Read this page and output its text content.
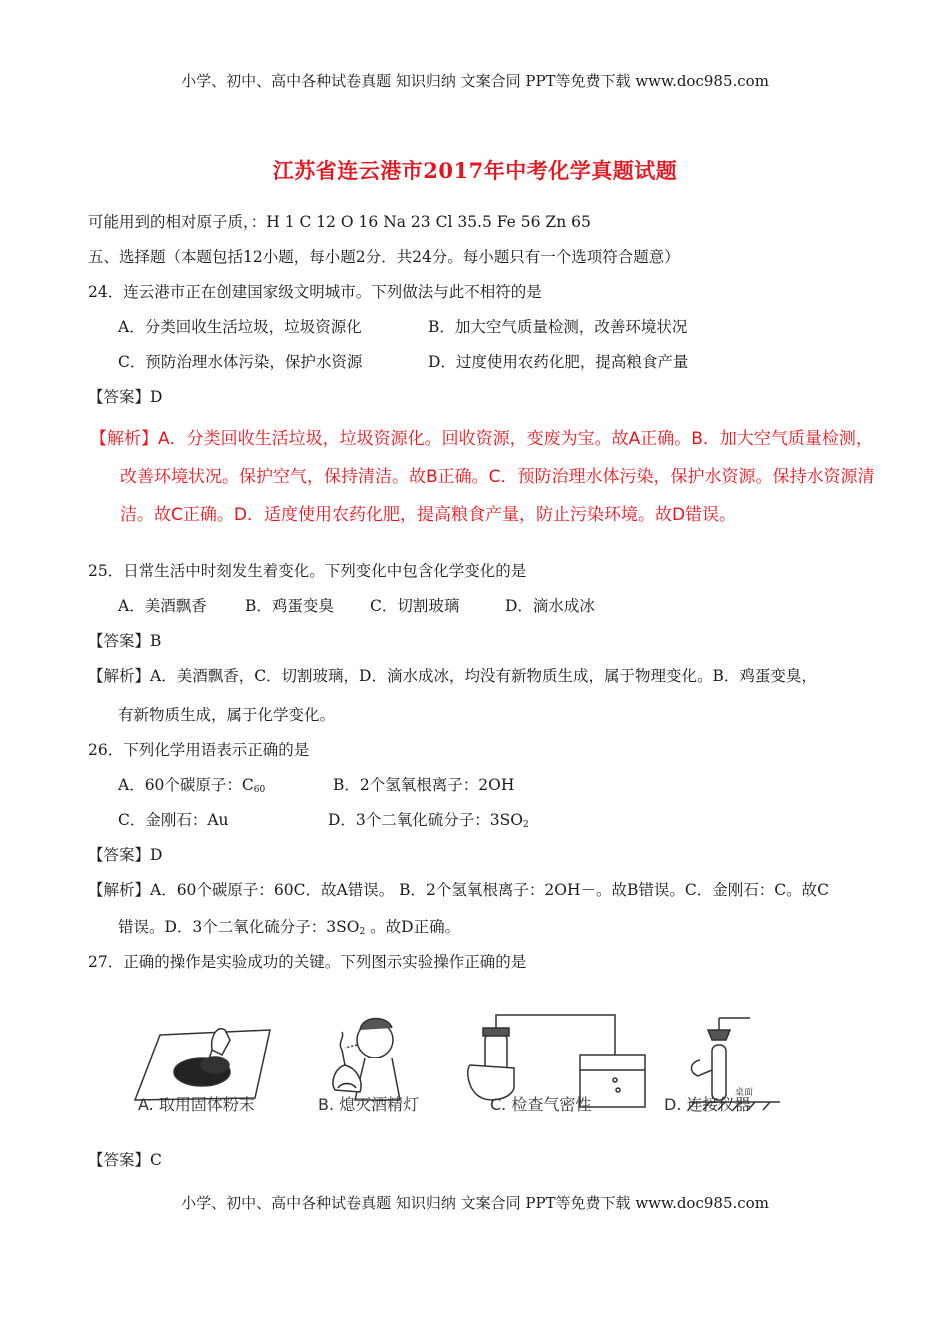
小学、初中、高中各种试卷真题 知识归纳 文案合同 PPT等免费下载 www.doc985.com
江苏省连云港市2017年中考化学真题试题
可能用到的相对原子质，：H 1 C 12 O 16 Na 23 Cl 35.5 Fe 56 Zn 65
五、选择题（本题包括12小题，每小题2分．共24分。每小题只有一个选项符合题意）
24．连云港市正在创建国家级文明城市。下列做法与此不相符的是
A．分类回收生活垃圾，垃圾资源化	B．加大空气质量检测，改善环境状况
C．预防治理水体污染，保护水资源	D．过度使用农药化肥，提高粮食产量
【答案】D
【解析】A．分类回收生活垃圾，垃圾资源化。回收资源，变废为宝。故A正确。B．加大空气质量检测，
改善环境状况。保护空气，保持清洁。故B正确。C．预防治理水体污染，保护水资源。保持水资源清
洁。故C正确。D．适度使用农药化肥，提高粮食产量，防止污染环境。故D错误。
25．日常生活中时刻发生着变化。下列变化中包含化学变化的是
A．美酒飘香 B．鸡蛋变臭 C．切割玻璃	D．滴水成冰
【答案】B
【解析】A．美酒飘香，C．切割玻璃，D．滴水成冰，均没有新物质生成，属于物理变化。B．鸡蛋变臭，
有新物质生成，属于化学变化。
26．下列化学用语表示正确的是
A．60个碳原子：$C_{60}$	B．2个氢氧根离子：2OH
C．金刚石：Au	D．3个二氧化硫分子：$3SO_2$
【答案】D
【解析】A．60个碳原子：60C．故A错误。 B．2个氢氧根离子：2OH－。故B错误。C．金刚石：C。故C
错误。D．3个二氧化硫分子：$3SO_2$ 。故D正确。
27．正确的操作是实验成功的关键。下列图示实验操作正确的是
桌面
A. 取用固体粉末	B. 熄灭酒精灯	C. 检查气密性	D. 连接仪器
【答案】C
小学、初中、高中各种试卷真题 知识归纳 文案合同 PPT等免费下载 www.doc985.com
